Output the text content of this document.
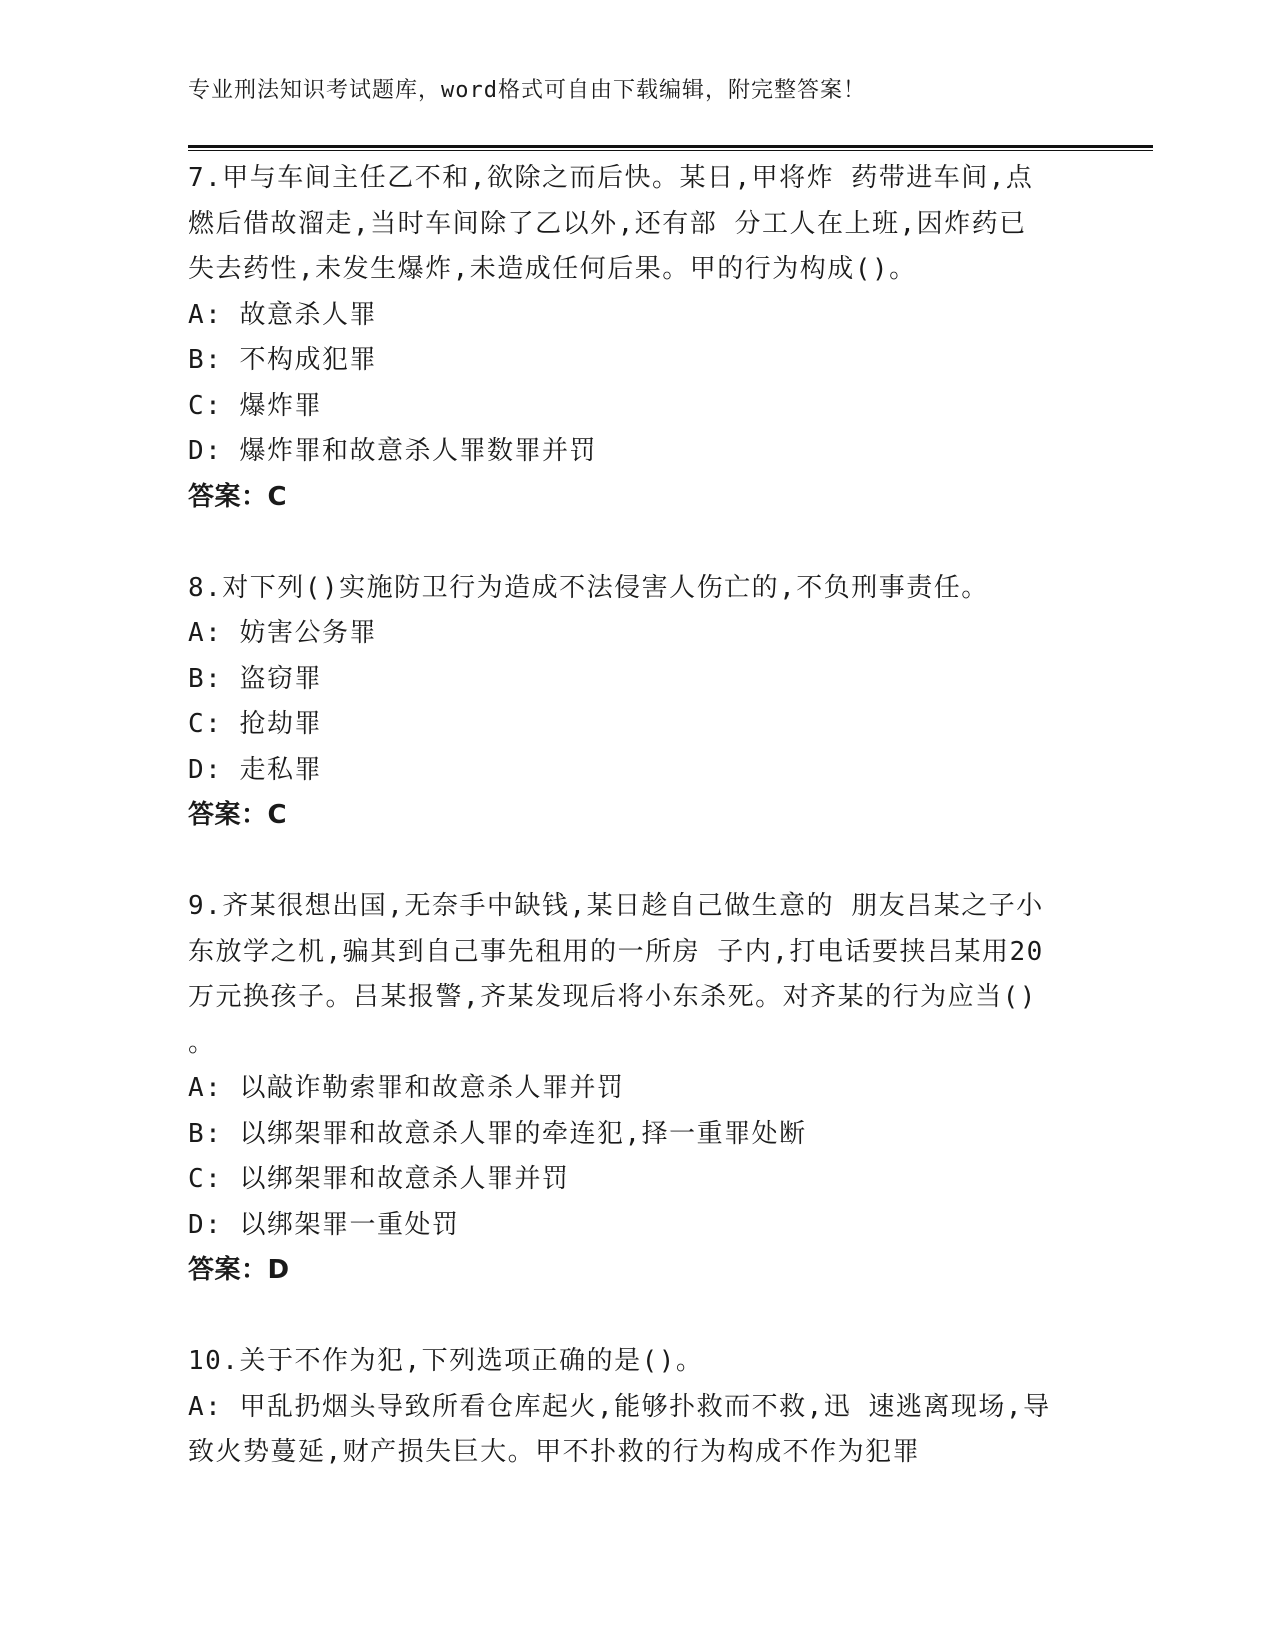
专业刑法知识考试题库，word格式可自由下载编辑，附完整答案！
7.甲与车间主任乙不和,欲除之而后快。某日,甲将炸 药带进车间,点
燃后借故溜走,当时车间除了乙以外,还有部 分工人在上班,因炸药已
失去药性,未发生爆炸,未造成任何后果。甲的行为构成()。
A: 故意杀人罪
B: 不构成犯罪
C: 爆炸罪
D: 爆炸罪和故意杀人罪数罪并罚
答案：C
8.对下列()实施防卫行为造成不法侵害人伤亡的,不负刑事责任。
A: 妨害公务罪
B: 盗窃罪
C: 抢劫罪
D: 走私罪
答案：C
9.齐某很想出国,无奈手中缺钱,某日趁自己做生意的 朋友吕某之子小
东放学之机,骗其到自己事先租用的一所房 子内,打电话要挟吕某用20
万元换孩子。吕某报警,齐某发现后将小东杀死。对齐某的行为应当()
。
A: 以敲诈勒索罪和故意杀人罪并罚
B: 以绑架罪和故意杀人罪的牵连犯,择一重罪处断
C: 以绑架罪和故意杀人罪并罚
D: 以绑架罪一重处罚
答案：D
10.关于不作为犯,下列选项正确的是()。
A: 甲乱扔烟头导致所看仓库起火,能够扑救而不救,迅 速逃离现场,导
致火势蔓延,财产损失巨大。甲不扑救的行为构成不作为犯罪
